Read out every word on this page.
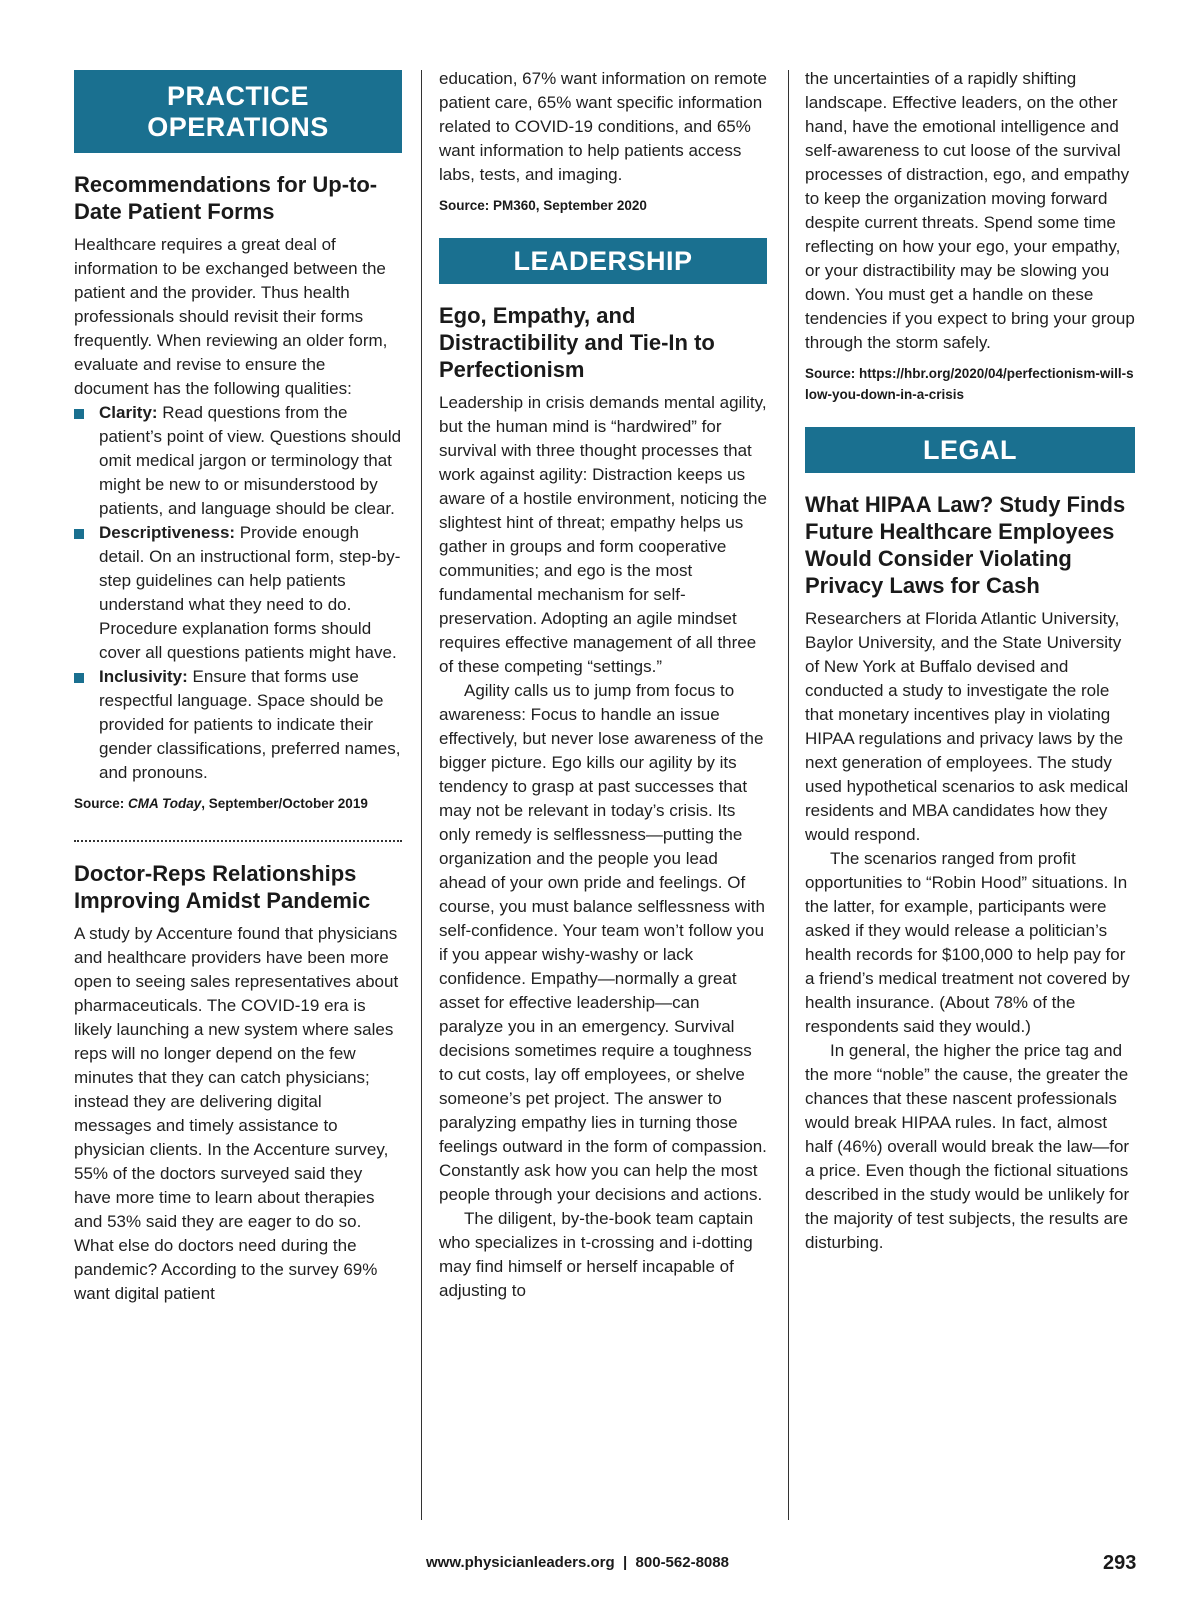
PRACTICE OPERATIONS
Recommendations for Up-to-Date Patient Forms

Healthcare requires a great deal of information to be exchanged between the patient and the provider. Thus health professionals should revisit their forms frequently. When reviewing an older form, evaluate and revise to ensure the document has the following qualities:

Clarity: Read questions from the patient’s point of view. Questions should omit medical jargon or terminology that might be new to or misunderstood by patients, and language should be clear.
Descriptiveness: Provide enough detail. On an instructional form, step-by-step guidelines can help patients understand what they need to do. Procedure explanation forms should cover all questions patients might have.
Inclusivity: Ensure that forms use respectful language. Space should be provided for patients to indicate their gender classifications, preferred names, and pronouns.
Source: CMA Today, September/October 2019
Doctor-Reps Relationships Improving Amidst Pandemic

A study by Accenture found that physicians and healthcare providers have been more open to seeing sales representatives about pharmaceuticals. The COVID-19 era is likely launching a new system where sales reps will no longer depend on the few minutes that they can catch physicians; instead they are delivering digital messages and timely assistance to physician clients. In the Accenture survey, 55% of the doctors surveyed said they have more time to learn about therapies and 53% said they are eager to do so. What else do doctors need during the pandemic? According to the survey 69% want digital patient

education, 67% want information on remote patient care, 65% want specific information related to COVID-19 conditions, and 65% want information to help patients access labs, tests, and imaging.

Source: PM360, September 2020
LEADERSHIP
Ego, Empathy, and Distractibility and Tie-In to Perfectionism

Leadership in crisis demands mental agility, but the human mind is “hardwired” for survival with three thought processes that work against agility: Distraction keeps us aware of a hostile environment, noticing the slightest hint of threat; empathy helps us gather in groups and form cooperative communities; and ego is the most fundamental mechanism for self-preservation. Adopting an agile mindset requires effective management of all three of these competing “settings.”

Agility calls us to jump from focus to awareness: Focus to handle an issue effectively, but never lose awareness of the bigger picture. Ego kills our agility by its tendency to grasp at past successes that may not be relevant in today’s crisis. Its only remedy is selflessness—putting the organization and the people you lead ahead of your own pride and feelings. Of course, you must balance selflessness with self-confidence. Your team won’t follow you if you appear wishy-washy or lack confidence. Empathy—normally a great asset for effective leadership—can paralyze you in an emergency. Survival decisions sometimes require a toughness to cut costs, lay off employees, or shelve someone’s pet project. The answer to paralyzing empathy lies in turning those feelings outward in the form of compassion. Constantly ask how you can help the most people through your decisions and actions.

The diligent, by-the-book team captain who specializes in t-crossing and i-dotting may find himself or herself incapable of adjusting to

the uncertainties of a rapidly shifting landscape. Effective leaders, on the other hand, have the emotional intelligence and self-awareness to cut loose of the survival processes of distraction, ego, and empathy to keep the organization moving forward despite current threats. Spend some time reflecting on how your ego, your empathy, or your distractibility may be slowing you down. You must get a handle on these tendencies if you expect to bring your group through the storm safely.

Source: https://hbr.org/2020/04/perfectionism-will-slow-you-down-in-a-crisis
LEGAL
What HIPAA Law? Study Finds Future Healthcare Employees Would Consider Violating Privacy Laws for Cash

Researchers at Florida Atlantic University, Baylor University, and the State University of New York at Buffalo devised and conducted a study to investigate the role that monetary incentives play in violating HIPAA regulations and privacy laws by the next generation of employees. The study used hypothetical scenarios to ask medical residents and MBA candidates how they would respond.

The scenarios ranged from profit opportunities to “Robin Hood” situations. In the latter, for example, participants were asked if they would release a politician’s health records for $100,000 to help pay for a friend’s medical treatment not covered by health insurance. (About 78% of the respondents said they would.)

In general, the higher the price tag and the more “noble” the cause, the greater the chances that these nascent professionals would break HIPAA rules. In fact, almost half (46%) overall would break the law—for a price. Even though the fictional situations described in the study would be unlikely for the majority of test subjects, the results are disturbing.

www.physicianleaders.org  |  800-562-8088	293
